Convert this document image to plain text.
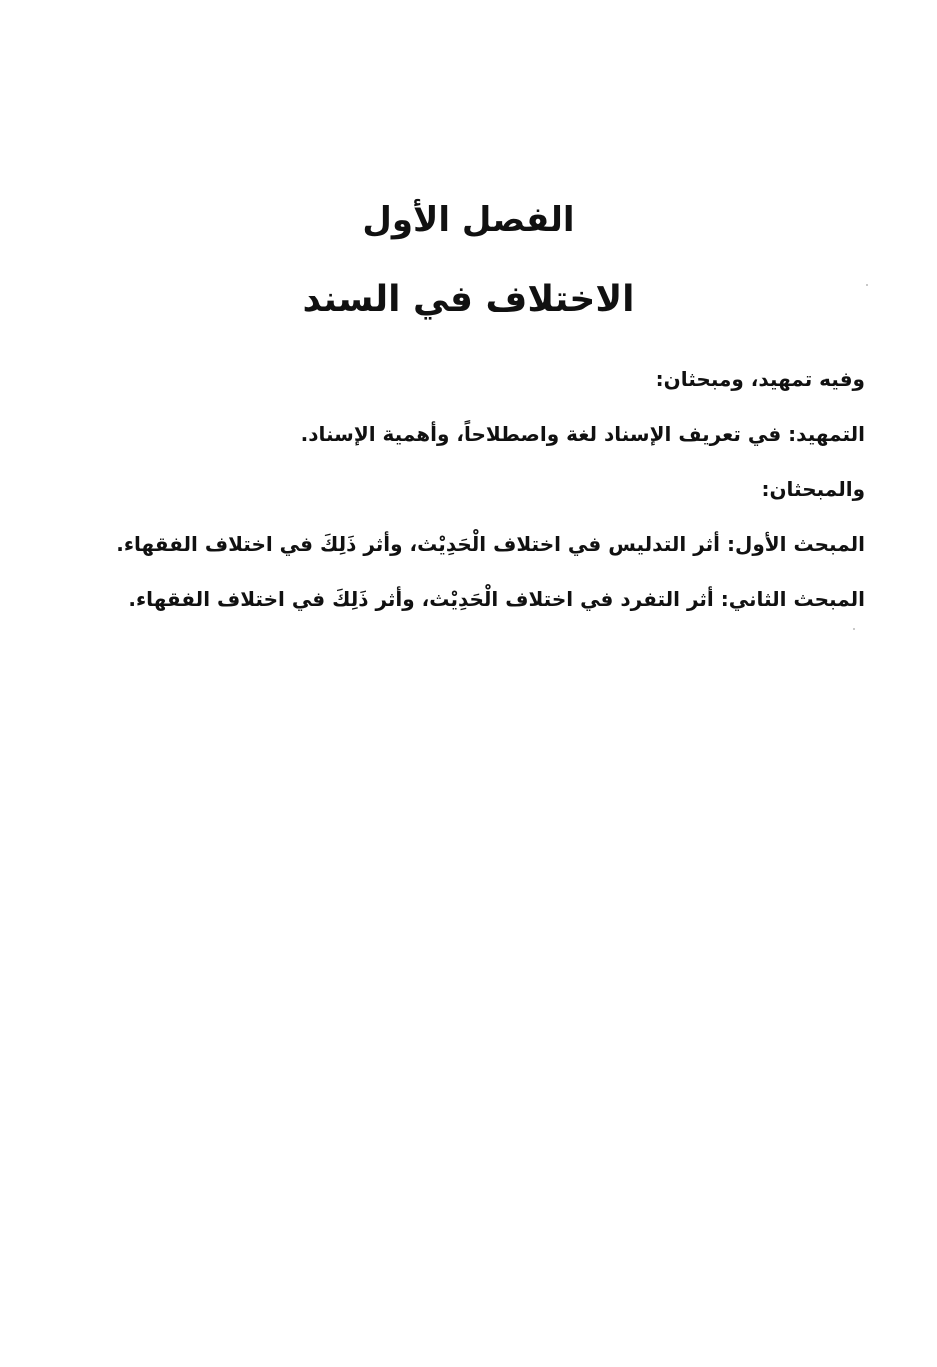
الفصل الأول
الاختلاف في السند

وفيه تمهيد، ومبحثان:

التمهيد: في تعريف الإسناد لغة واصطلاحاً، وأهمية الإسناد.

والمبحثان:

المبحث الأول: أثر التدليس في اختلاف الْحَدِيْث، وأثر ذَلِكَ في اختلاف الفقهاء.

المبحث الثاني: أثر التفرد في اختلاف الْحَدِيْث، وأثر ذَلِكَ في اختلاف الفقهاء.
